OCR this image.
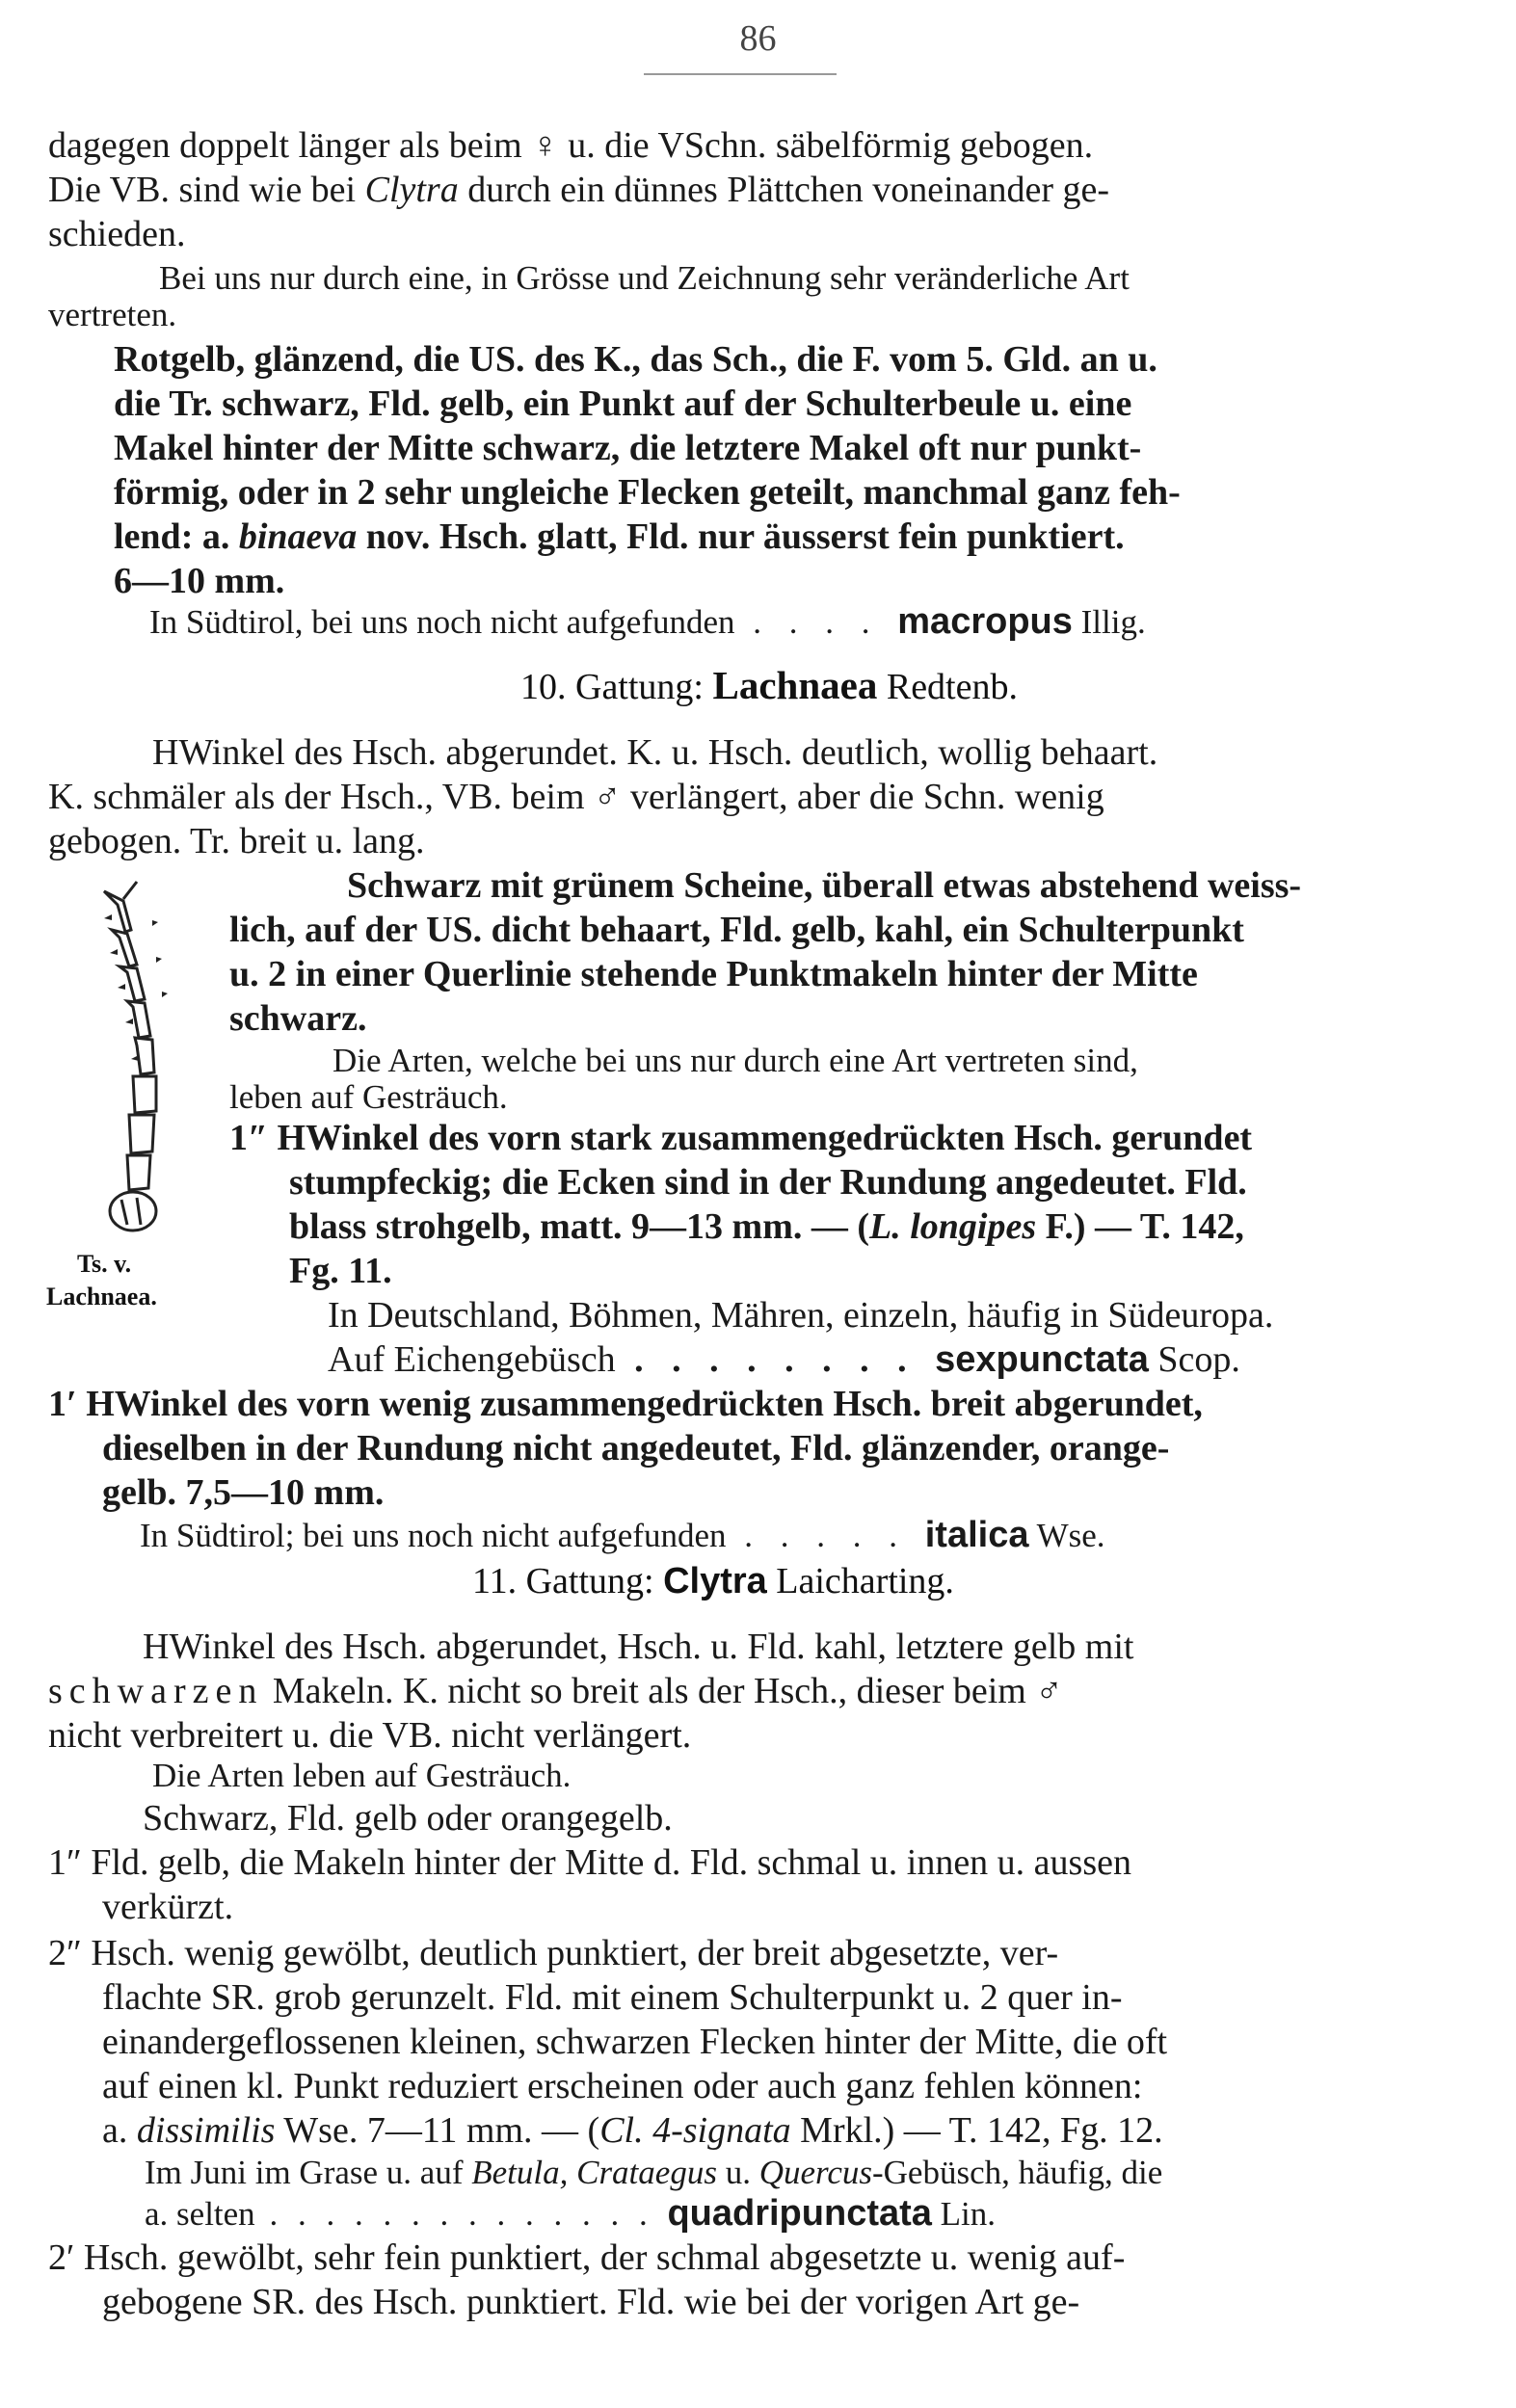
86
dagegen doppelt länger als beim ♀ u. die VSchn. säbelförmig gebogen.
Die VB. sind wie bei Clytra durch ein dünnes Plättchen voneinander ge-
schieden.
Bei uns nur durch eine, in Grösse und Zeichnung sehr veränderliche Art
vertreten.
Rotgelb, glänzend, die US. des K., das Sch., die F. vom 5. Gld. an u.
die Tr. schwarz, Fld. gelb, ein Punkt auf der Schulterbeule u. eine
Makel hinter der Mitte schwarz, die letztere Makel oft nur punkt-
förmig, oder in 2 sehr ungleiche Flecken geteilt, manchmal ganz feh-
lend: a. binaeva nov. Hsch. glatt, Fld. nur äusserst fein punktiert.
6—10 mm.
In Südtirol, bei uns noch nicht aufgefunden . . . . macropus Illig.
10. Gattung: Lachnaea Redtenb.
HWinkel des Hsch. abgerundet. K. u. Hsch. deutlich, wollig behaart.
K. schmäler als der Hsch., VB. beim ♂ verlängert, aber die Schn. wenig
gebogen. Tr. breit u. lang.
Schwarz mit grünem Scheine, überall etwas abstehend weiss-
lich, auf der US. dicht behaart, Fld. gelb, kahl, ein Schulterpunkt
u. 2 in einer Querlinie stehende Punktmakeln hinter der Mitte
schwarz.
Die Arten, welche bei uns nur durch eine Art vertreten sind,
leben auf Gesträuch.
1″ HWinkel des vorn stark zusammengedrückten Hsch. gerundet
stumpfeckig; die Ecken sind in der Rundung angedeutet. Fld.
blass strohgelb, matt. 9—13 mm. — (L. longipes F.) — T. 142,
Fg. 11.
In Deutschland, Böhmen, Mähren, einzeln, häufig in Südeuropa.
Auf Eichengebüsch . . . . . . . . sexpunctata Scop.
1′ HWinkel des vorn wenig zusammengedrückten Hsch. breit abgerundet,
dieselben in der Rundung nicht angedeutet, Fld. glänzender, orange-
gelb. 7,5—10 mm.
In Südtirol; bei uns noch nicht aufgefunden . . . . . italica Wse.
Ts. v.
Lachnaea.
11. Gattung: Clytra Laicharting.
HWinkel des Hsch. abgerundet, Hsch. u. Fld. kahl, letztere gelb mit
schwarzen Makeln. K. nicht so breit als der Hsch., dieser beim ♂
nicht verbreitert u. die VB. nicht verlängert.
Die Arten leben auf Gesträuch.
Schwarz, Fld. gelb oder orangegelb.
1″ Fld. gelb, die Makeln hinter der Mitte d. Fld. schmal u. innen u. aussen
verkürzt.
2″ Hsch. wenig gewölbt, deutlich punktiert, der breit abgesetzte, ver-
flachte SR. grob gerunzelt. Fld. mit einem Schulterpunkt u. 2 quer in-
einandergeflossenen kleinen, schwarzen Flecken hinter der Mitte, die oft
auf einen kl. Punkt reduziert erscheinen oder auch ganz fehlen können:
a. dissimilis Wse. 7—11 mm. — (Cl. 4-signata Mrkl.) — T. 142, Fg. 12.
Im Juni im Grase u. auf Betula, Crataegus u. Quercus-Gebüsch, häufig, die
a. selten . . . . . . . . . . . . . . quadripunctata Lin.
2′ Hsch. gewölbt, sehr fein punktiert, der schmal abgesetzte u. wenig auf-
gebogene SR. des Hsch. punktiert. Fld. wie bei der vorigen Art ge-
